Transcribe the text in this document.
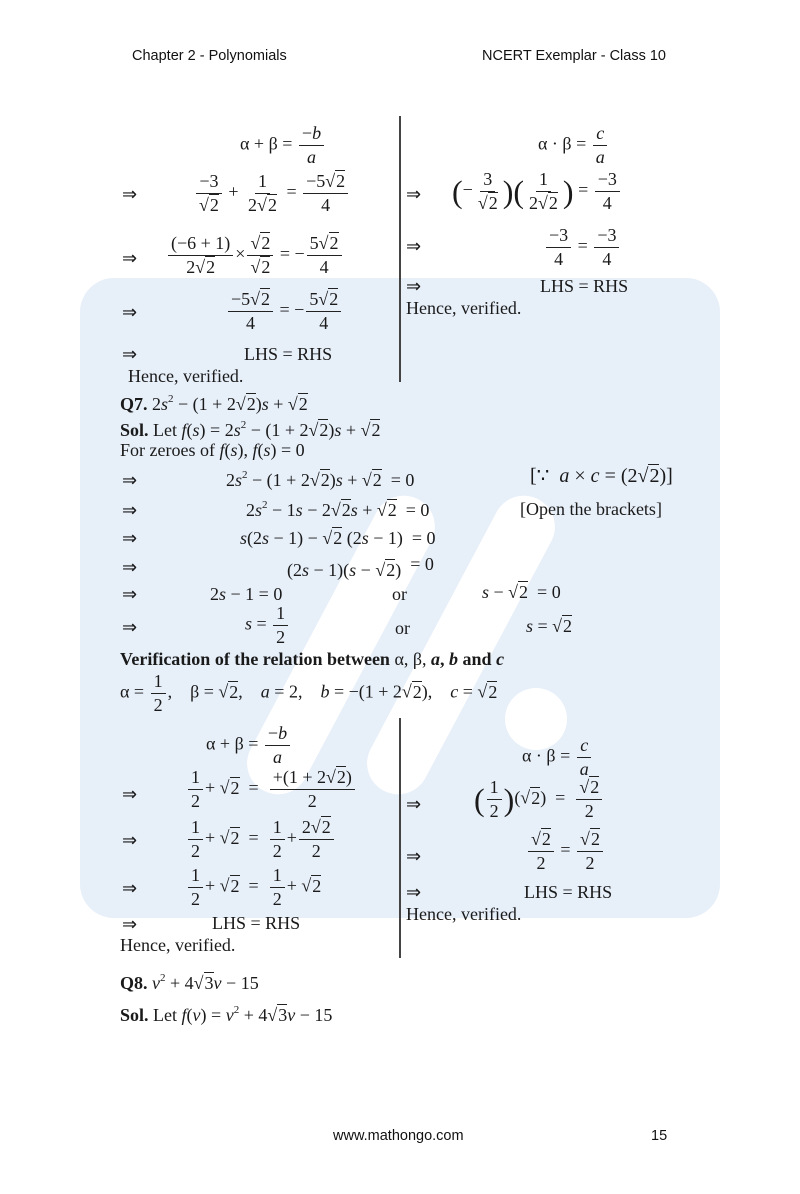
Chapter 2 - Polynomials	NCERT Exemplar - Class 10
$\alpha + \beta = \frac{-b}{a}$
⇒	$\frac{-3}{√2} + \frac{1}{2√2} = \frac{-5√2}{4}$
⇒ $\frac{(-6 + 1)}{2√2} \times \frac{√2}{√2}$ = − $\frac{5√2}{4}$
⇒	$\frac{-5√2}{4}$ = − $\frac{5√2}{4}$
⇒	LHS = RHS
Hence, verified.
$\alpha \cdot \beta = \frac{c}{a}$
⇒ (− $\frac{3}{√2}$ )( $\frac{1}{2√2}$ ) = $\frac{-3}{4}$
⇒	$\frac{-3}{4} = \frac{-3}{4}$
⇒	LHS = RHS
Hence, verified.
Q7. $2s^2 - (1 + 2√2)s + √2$
Sol. Let $f(s) = 2s^2 - (1 + 2√2)s + √2$
For zeroes of f(s), f(s) = 0
⇒	$2s^2 - (1 + 2√2)s + √2 = 0$	[∵  a × c = (2√2)]
⇒	$2s^2 - 1s - 2√2s + √2 = 0$	[Open the brackets]
⇒	s(2s − 1) − √2 (2s − 1)  = 0
⇒	(2s − 1)(s − √2)  = 0
⇒	2s − 1 = 0	or	s − √2  = 0
⇒	$s = \frac{1}{2}$	or	s = √2
Verification of the relation between α, β, a, b and c
$\alpha = \frac{1}{2}$ ,    β = √2,    a = 2,    b = −(1 + 2√2),    c = √2
$\alpha + \beta = \frac{-b}{a}$
⇒	$\frac{1}{2} + √2 = \frac{+(1 + 2√2)}{2}$
⇒	$\frac{1}{2} + √2 = \frac{1}{2} + \frac{2√2}{2}$
⇒	$\frac{1}{2} + √2 = \frac{1}{2} + √2$
⇒	LHS = RHS
Hence, verified.
$\alpha \cdot \beta = \frac{c}{a}$
⇒ ( $\frac{1}{2} )(√2) = \frac{√2}{2}$
⇒	$\frac{√2}{2} = \frac{√2}{2}$
⇒	LHS = RHS
Hence, verified.
Q8. $v^2 + 4√3v - 15$
Sol. Let $f(v) = v^2 + 4√3v - 15$
www.mathongo.com	15
